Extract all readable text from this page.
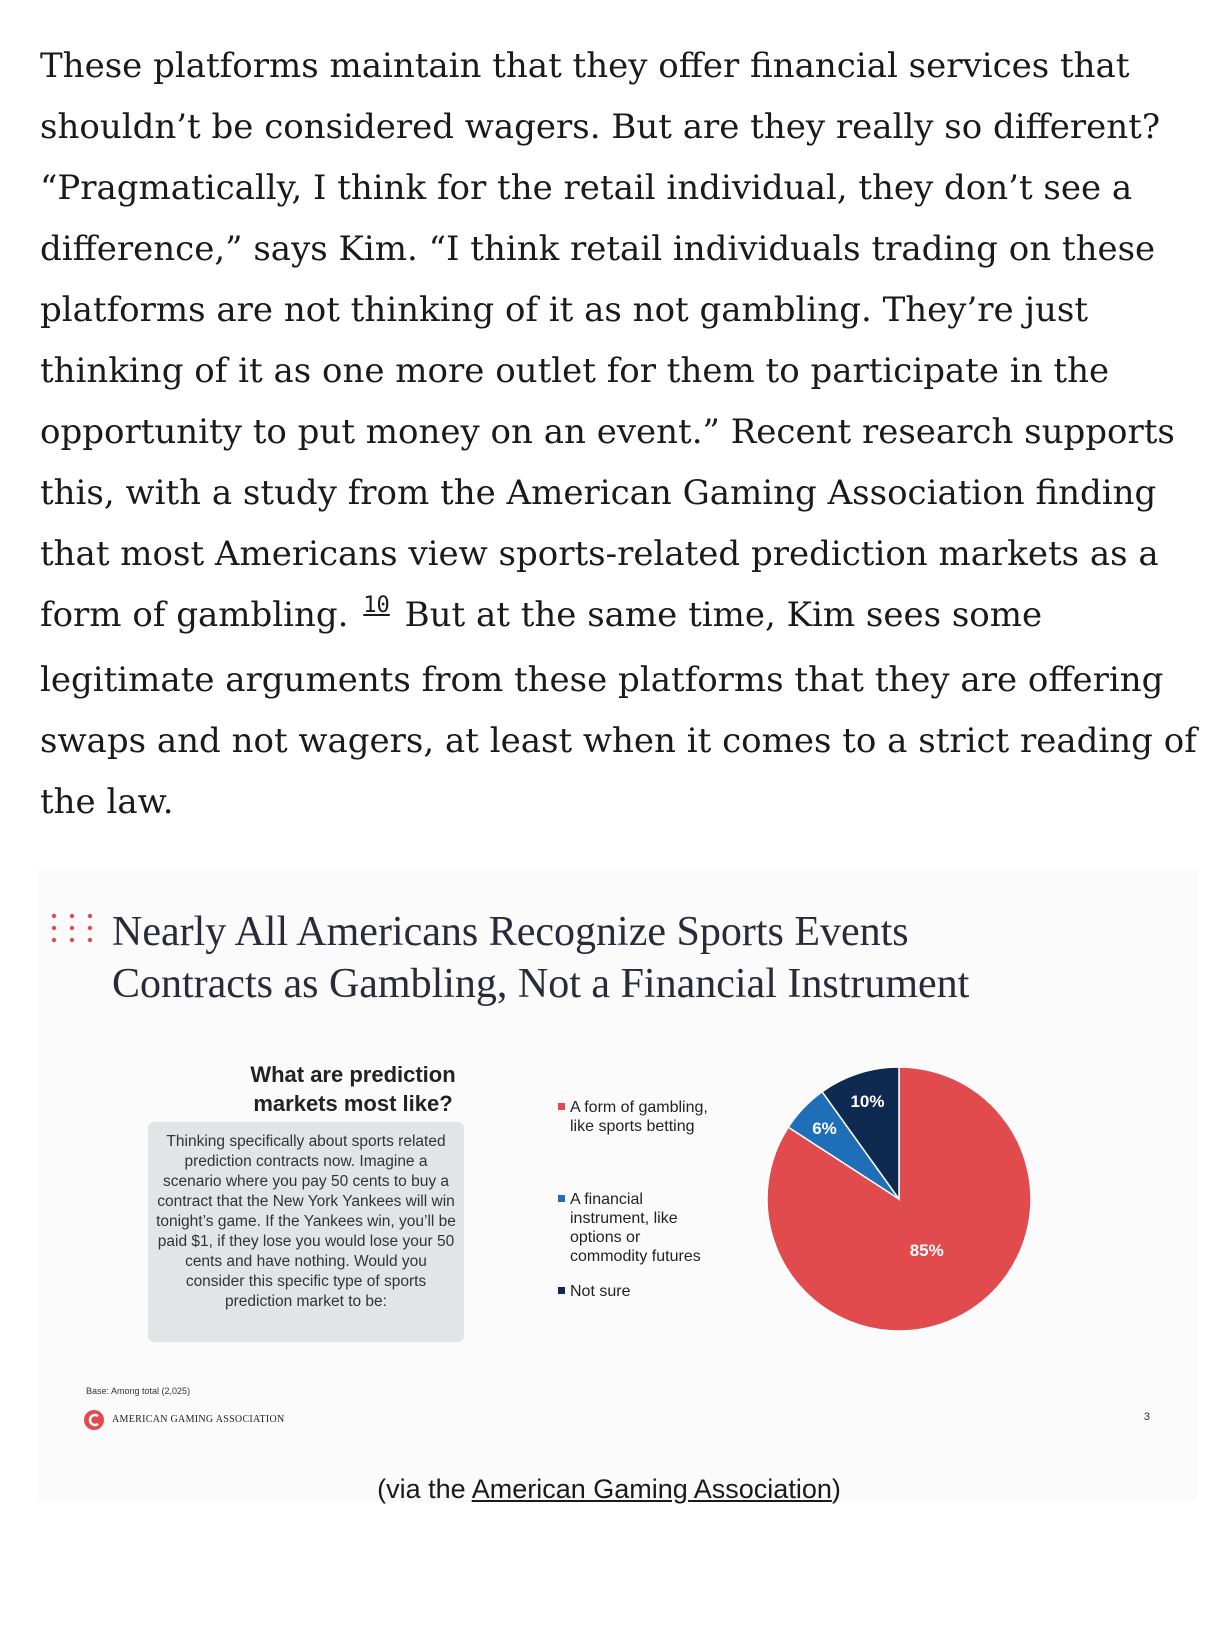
These platforms maintain that they offer financial services that shouldn’t be considered wagers. But are they really so different? “Pragmatically, I think for the retail individual, they don’t see a difference,” says Kim. “I think retail individuals trading on these platforms are not thinking of it as not gambling. They’re just thinking of it as one more outlet for them to participate in the opportunity to put money on an event.” Recent research supports this, with a study from the American Gaming Association finding that most Americans view sports-related prediction markets as a form of gambling. $^{10}$ But at the same time, Kim sees some legitimate arguments from these platforms that they are offering swaps and not wagers, at least when it comes to a strict reading of the law.

Nearly All Americans Recognize Sports Events
Contracts as Gambling, Not a Financial Instrument
What are prediction
markets most like?
Thinking specifically about sports related prediction contracts now. Imagine a scenario where you pay 50 cents to buy a contract that the New York Yankees will win tonight’s game. If the Yankees win, you’ll be paid $1, if they lose you would lose your 50 cents and have nothing. Would you consider this specific type of sports prediction market to be:
A form of gambling, like sports betting
A financial instrument, like options or commodity futures
Not sure
85%
6%
10%
Base: Among total (2,025)
AMERICAN GAMING ASSOCIATION	3
(via the American Gaming Association)
